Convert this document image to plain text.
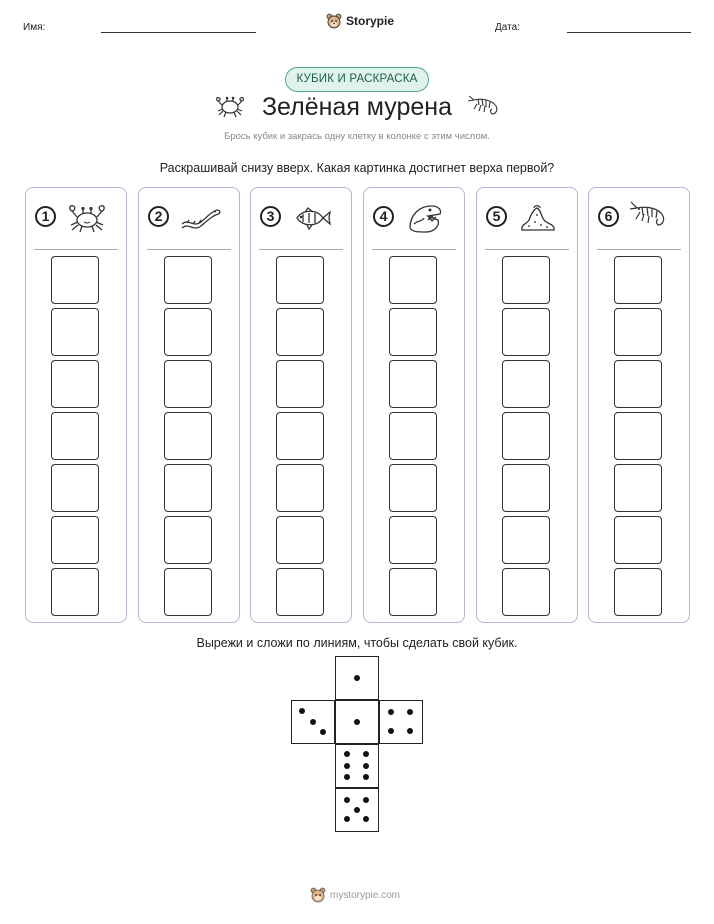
Имя:	Storypie	Дата:
КУБИК И РАСКРАСКА
Зелёная мурена
Брось кубик и закрась одну клетку в колонке с этим числом.
Раскрашивай снизу вверх. Какая картинка достигнет верха первой?
1	2	3	4	5	6
Вырежи и сложи по линиям, чтобы сделать свой кубик.
mystorypie.com
